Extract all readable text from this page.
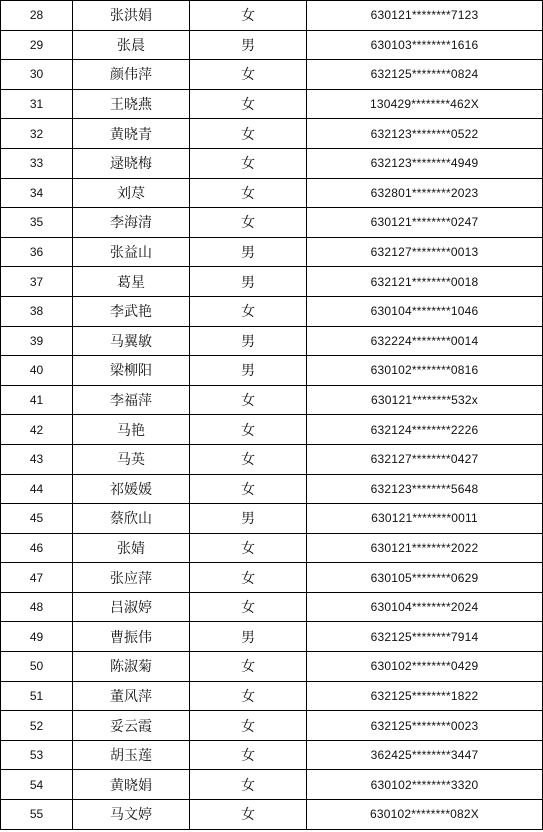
28	张洪娟	女	630121********7123
29	张晨	男	630103********1616
30	颜伟萍	女	632125********0824
31	王晓燕	女	130429********462X
32	黄晓青	女	632123********0522
33	逯晓梅	女	632123********4949
34	刘荩	女	632801********2023
35	李海清	女	630121********0247
36	张益山	男	632127********0013
37	葛星	男	632121********0018
38	李武艳	女	630104********1046
39	马翼敏	男	632224********0014
40	梁柳阳	男	630102********0816
41	李福萍	女	630121********532x
42	马艳	女	632124********2226
43	马英	女	632127********0427
44	祁媛媛	女	632123********5648
45	蔡欣山	男	630121********0011
46	张婧	女	630121********2022
47	张应萍	女	630105********0629
48	吕淑婷	女	630104********2024
49	曹振伟	男	632125********7914
50	陈淑菊	女	630102********0429
51	董风萍	女	632125********1822
52	妥云霞	女	632125********0023
53	胡玉莲	女	362425********3447
54	黄晓娟	女	630102********3320
55	马文婷	女	630102********082X
